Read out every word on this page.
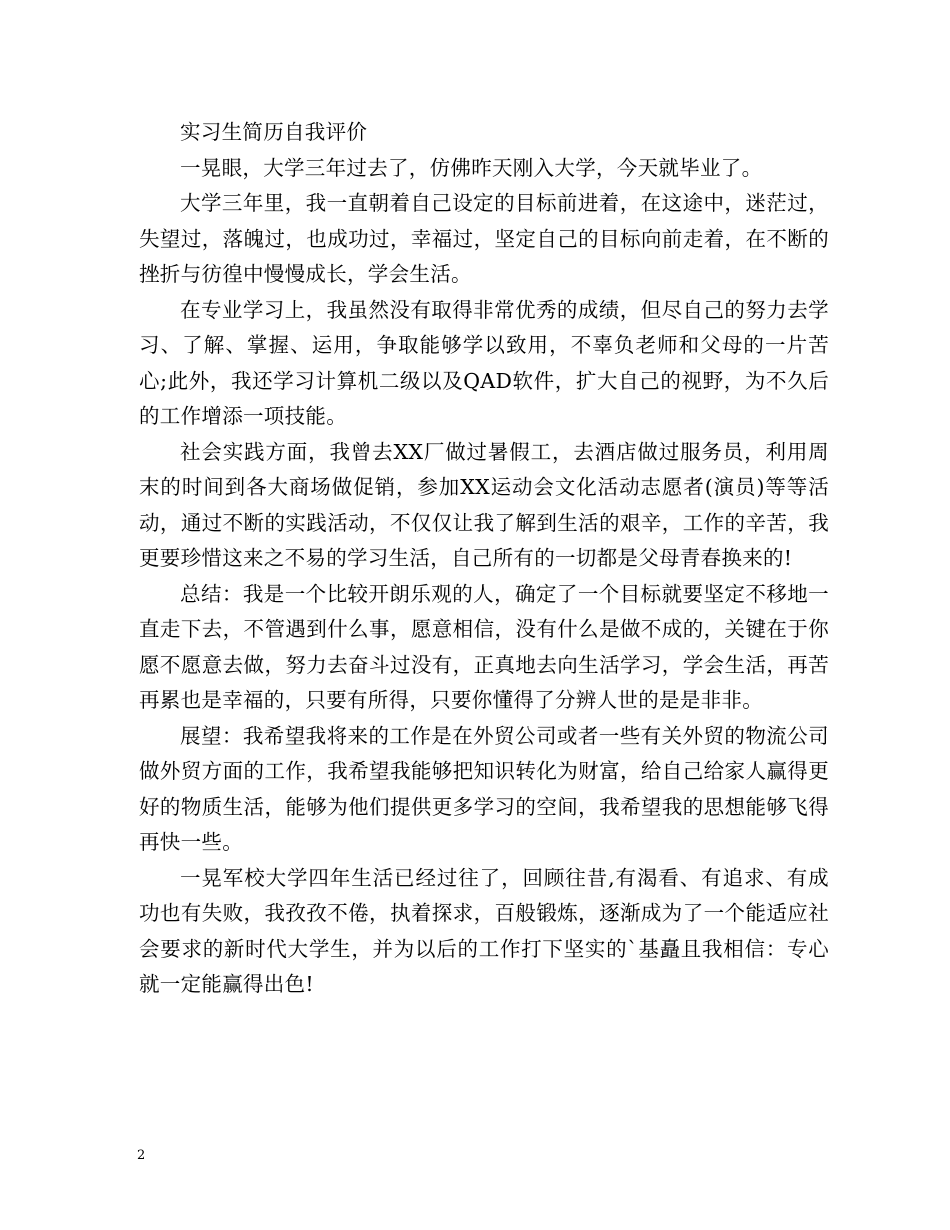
实习生简历自我评价

一晃眼，大学三年过去了，仿佛昨天刚入大学，今天就毕业了。

大学三年里，我一直朝着自己设定的目标前进着，在这途中，迷茫过，失望过，落魄过，也成功过，幸福过，坚定自己的目标向前走着，在不断的挫折与彷徨中慢慢成长，学会生活。

在专业学习上，我虽然没有取得非常优秀的成绩，但尽自己的努力去学习、了解、掌握、运用，争取能够学以致用，不辜负老师和父母的一片苦心;此外，我还学习计算机二级以及QAD软件，扩大自己的视野，为不久后的工作增添一项技能。

社会实践方面，我曾去XX厂做过暑假工，去酒店做过服务员，利用周末的时间到各大商场做促销，参加XX运动会文化活动志愿者(演员)等等活动，通过不断的实践活动，不仅仅让我了解到生活的艰辛，工作的辛苦，我更要珍惜这来之不易的学习生活，自己所有的一切都是父母青春换来的!

总结：我是一个比较开朗乐观的人，确定了一个目标就要坚定不移地一直走下去，不管遇到什么事，愿意相信，没有什么是做不成的，关键在于你愿不愿意去做，努力去奋斗过没有，正真地去向生活学习，学会生活，再苦再累也是幸福的，只要有所得，只要你懂得了分辨人世的是是非非。

展望：我希望我将来的工作是在外贸公司或者一些有关外贸的物流公司做外贸方面的工作，我希望我能够把知识转化为财富，给自己给家人赢得更好的物质生活，能够为他们提供更多学习的空间，我希望我的思想能够飞得再快一些。

一晃军校大学四年生活已经过往了，回顾往昔,有渴看、有追求、有成功也有失败，我孜孜不倦，执着探求，百般锻炼，逐渐成为了一个能适应社会要求的新时代大学生，并为以后的工作打下坚实的`基矗且我相信：专心就一定能赢得出色!

2
